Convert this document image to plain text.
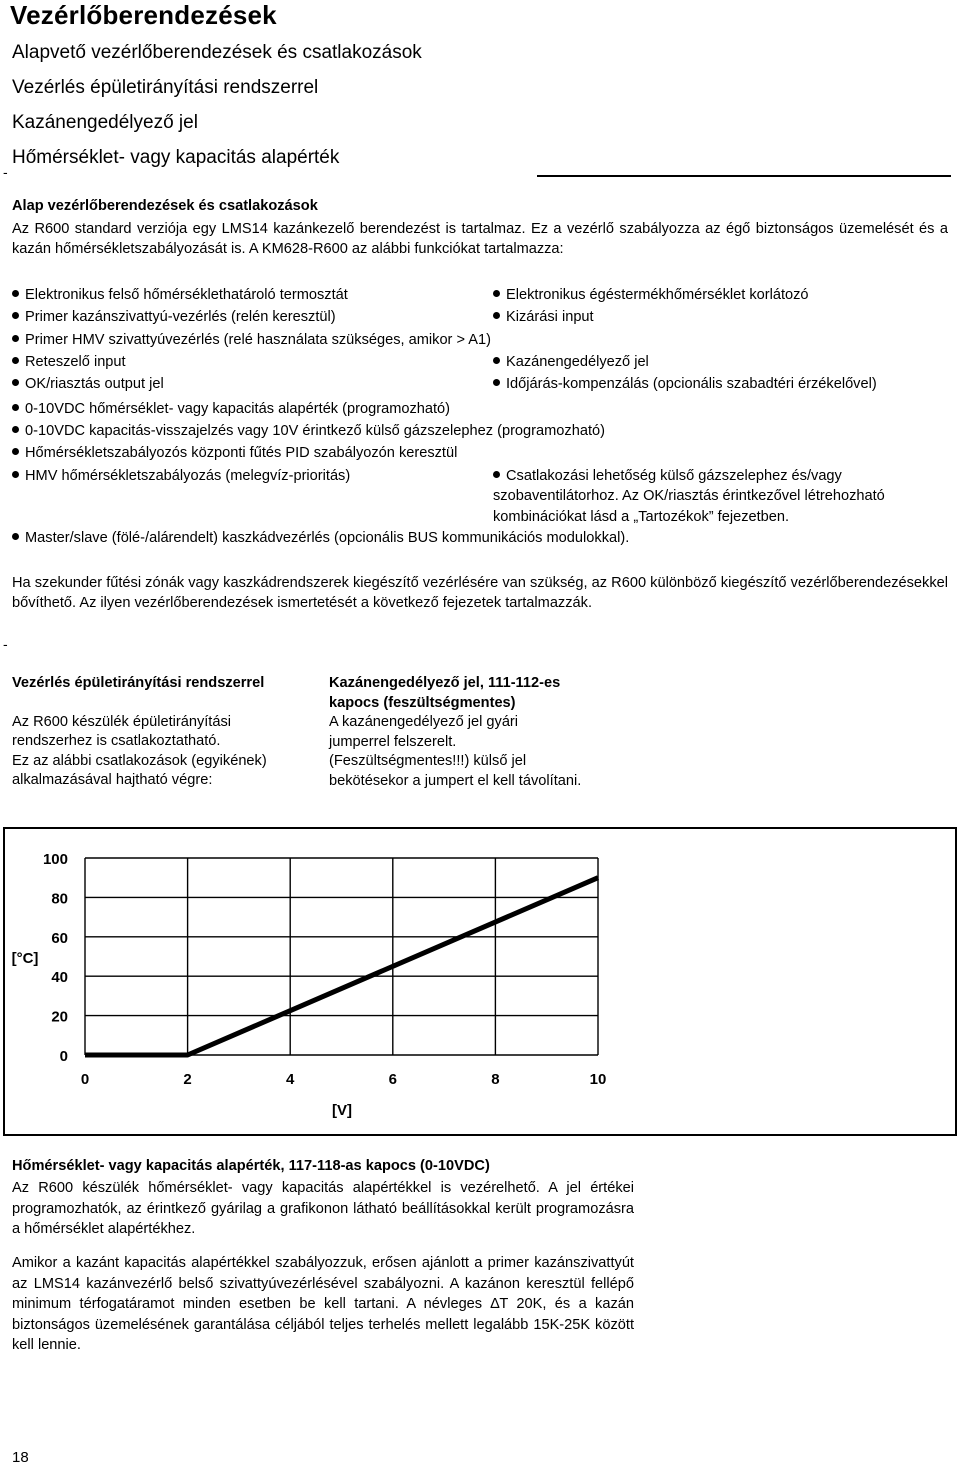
Vezérlőberendezések
Alapvető vezérlőberendezések és csatlakozások
Vezérlés épületirányítási rendszerrel
Kazánengedélyező jel
Hőmérséklet- vagy kapacitás alapérték
-
Alap vezérlőberendezések és csatlakozások
Az R600 standard verziója egy LMS14 kazánkezelő berendezést is tartalmaz. Ez a vezérlő szabályozza az égő biztonságos üzemelését és a kazán hőmérsékletszabályozását is. A KM628-R600 az alábbi funkciókat tartalmazza:
Elektronikus felső hőmérséklethatároló termosztát	Elektronikus égéstermékhőmérséklet korlátozó
Primer kazánszivattyú-vezérlés (relén keresztül)	Kizárási input
Primer HMV szivattyúvezérlés (relé használata szükséges, amikor > A1)
Reteszelő input	Kazánengedélyező jel
OK/riasztás output jel	Időjárás-kompenzálás (opcionális szabadtéri érzékelővel)
0-10VDC hőmérséklet- vagy kapacitás alapérték (programozható)
0-10VDC kapacitás-visszajelzés vagy 10V érintkező külső gázszelephez (programozható)
Hőmérsékletszabályozós központi fűtés PID szabályozón keresztül
HMV hőmérsékletszabályozás (melegvíz-prioritás)	Csatlakozási lehetőség külső gázszelephez és/vagy
szobaventilátorhoz. Az OK/riasztás érintkezővel létrehozható
kombinációkat lásd a „Tartozékok” fejezetben.
Master/slave (fölé-/alárendelt) kaszkádvezérlés (opcionális BUS kommunikációs modulokkal).
Ha szekunder fűtési zónák vagy kaszkádrendszerek kiegészítő vezérlésére van szükség, az R600 különböző kiegészítő vezérlőberendezésekkel bővíthető. Az ilyen vezérlőberendezések ismertetését a következő fejezetek tartalmazzák.
-
Vezérlés épületirányítási rendszerrel
Az R600 készülék épületirányítási
rendszerhez is csatlakoztatható.
Ez az alábbi csatlakozások (egyikének)
alkalmazásával hajtható végre:
Kazánengedélyező jel, 111-112-es
kapocs (feszültségmentes)
A kazánengedélyező jel gyári
jumperrel felszerelt.
(Feszültségmentes!!!) külső jel
bekötésekor a jumpert el kell távolítani.
0
20
40
60
80
100
0	2	4	6	8	10
[°C]
[V]
Hőmérséklet- vagy kapacitás alapérték, 117-118-as kapocs (0-10VDC)
Az R600 készülék hőmérséklet- vagy kapacitás alapértékkel is vezérelhető. A jel értékei programozhatók, az érintkező gyárilag a grafikonon látható beállításokkal került programozásra a hőmérséklet alapértékhez.
Amikor a kazánt kapacitás alapértékkel szabályozzuk, erősen ajánlott a primer kazánszivattyút az LMS14 kazánvezérlő belső szivattyúvezérlésével szabályozni. A kazánon keresztül fellépő minimum térfogatáramot minden esetben be kell tartani. A névleges ∆T 20K, és a kazán biztonságos üzemelésének garantálása céljából teljes terhelés mellett legalább 15K-25K között kell lennie.
18
